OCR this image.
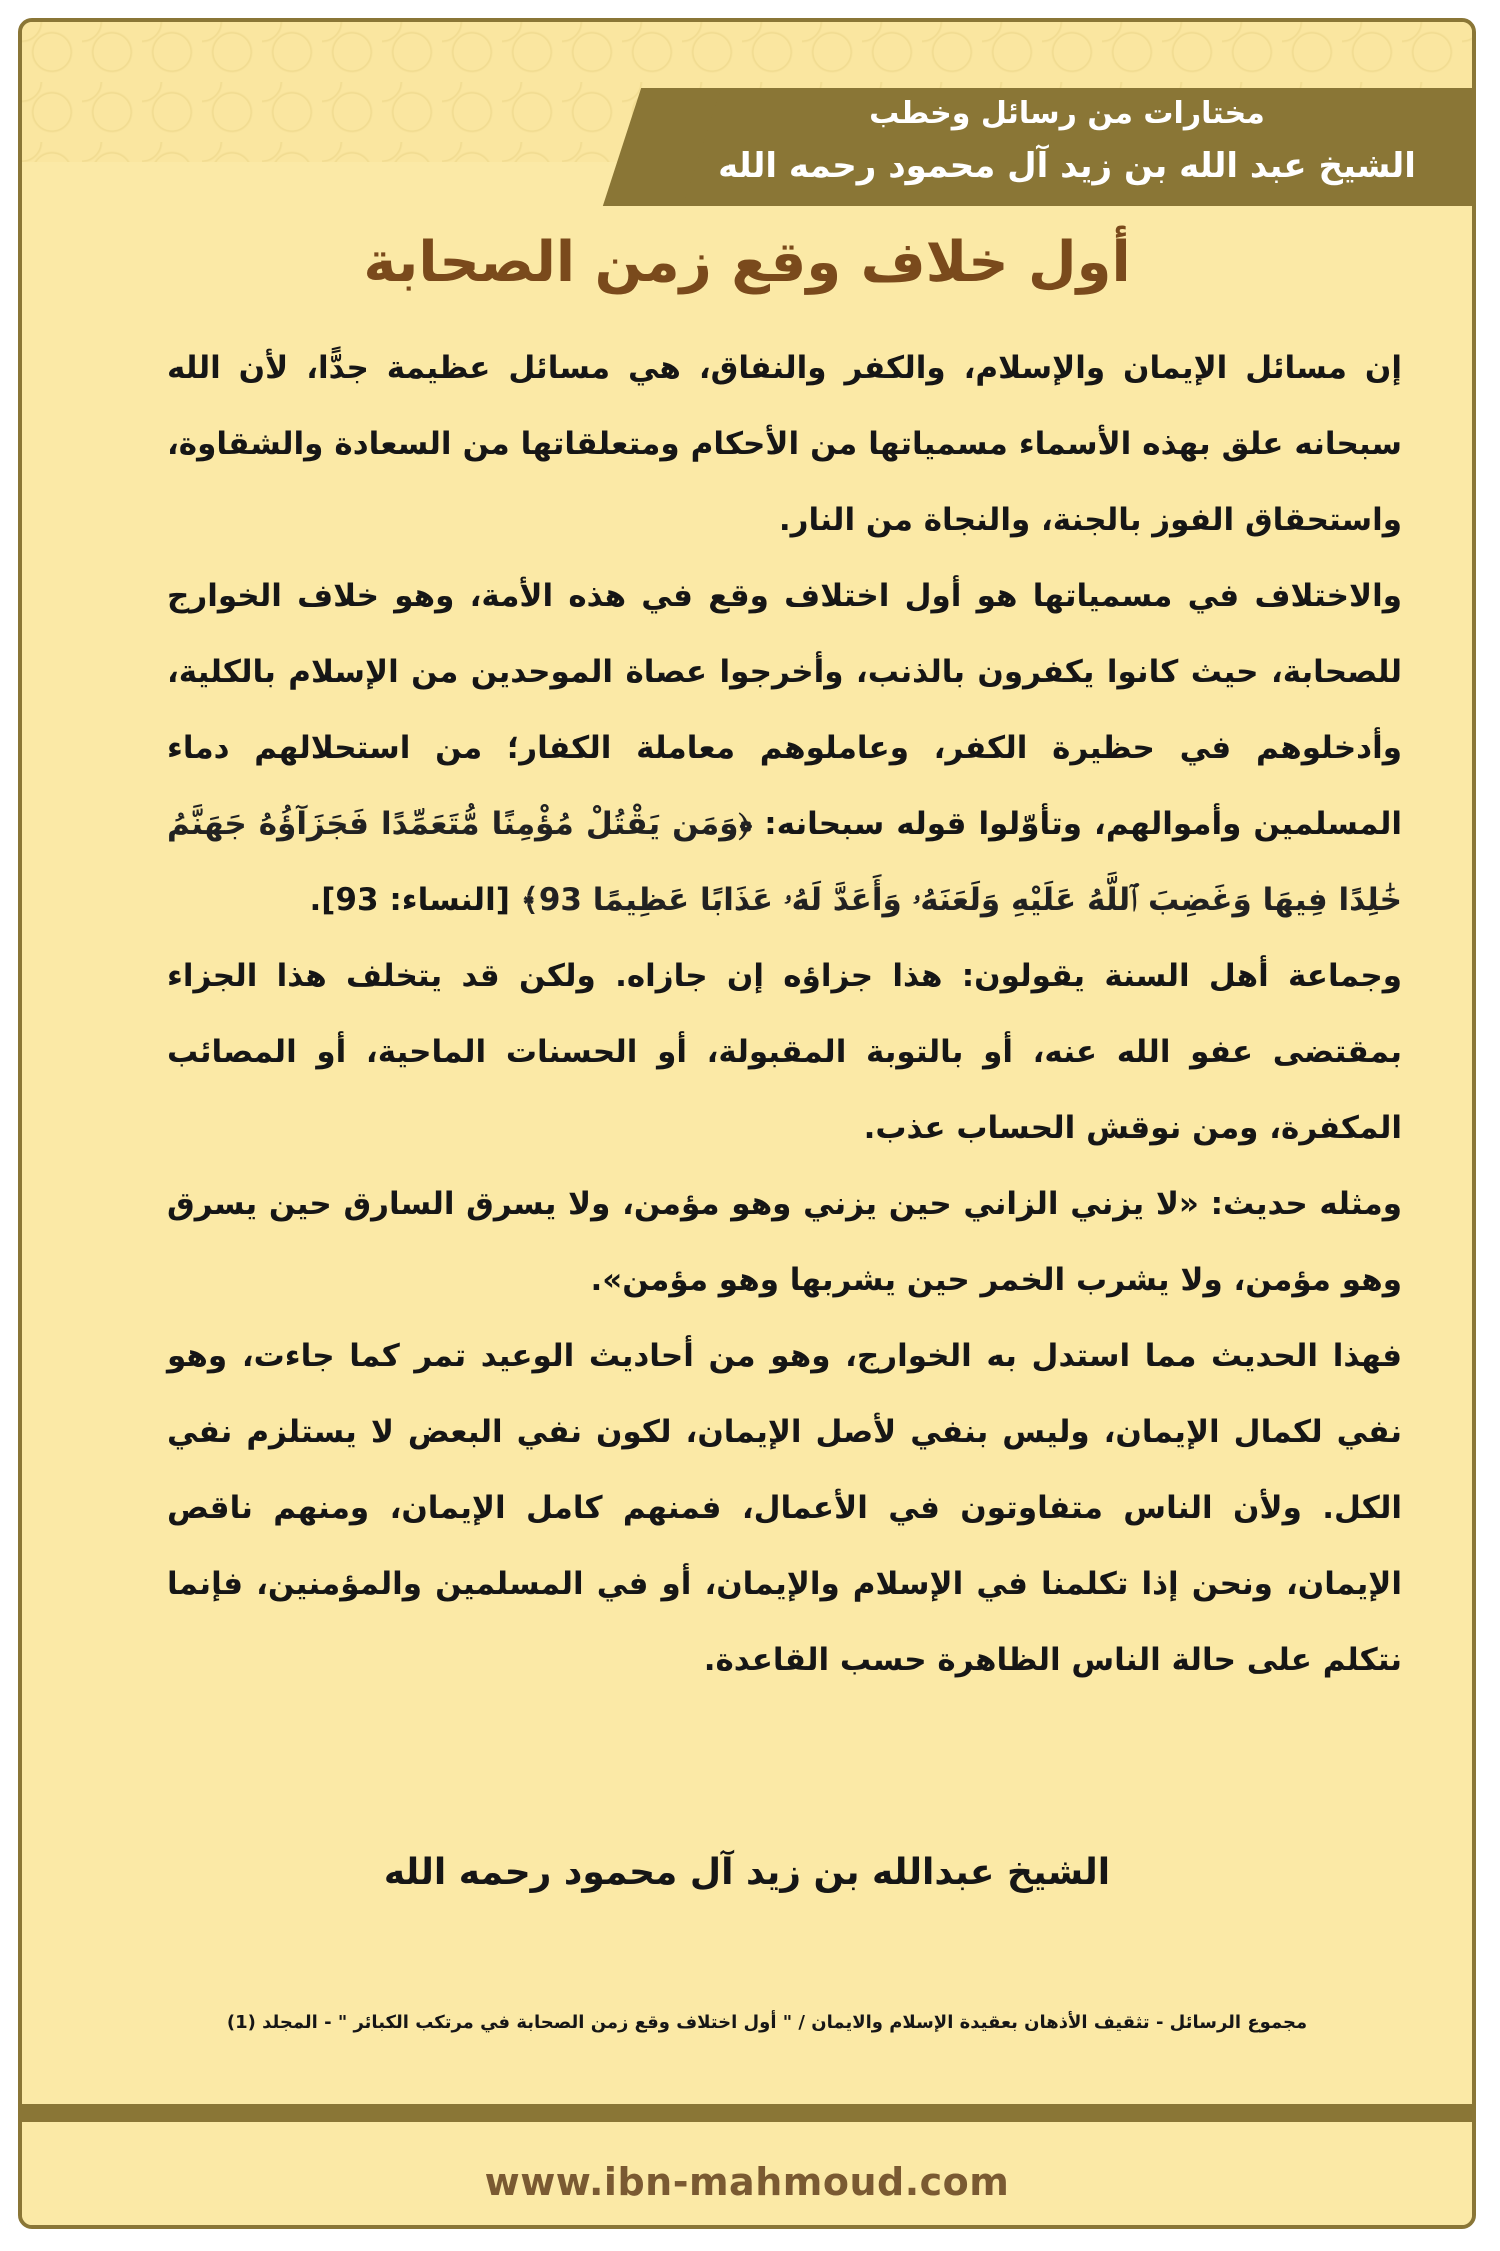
مختارات من رسائل وخطب
الشيخ عبد الله بن زيد آل محمود رحمه الله
أول خلاف وقع زمن الصحابة

إن مسائل الإيمان والإسلام، والكفر والنفاق، هي مسائل عظيمة جدًّا، لأن الله سبحانه علق بهذه الأسماء مسمياتها من الأحكام ومتعلقاتها من السعادة والشقاوة، واستحقاق الفوز بالجنة، والنجاة من النار.

والاختلاف في مسمياتها هو أول اختلاف وقع في هذه الأمة، وهو خلاف الخوارج للصحابة، حيث كانوا يكفرون بالذنب، وأخرجوا عصاة الموحدين من الإسلام بالكلية، وأدخلوهم في حظيرة الكفر، وعاملوهم معاملة الكفار؛ من استحلالهم دماء المسلمين وأموالهم، وتأوّلوا قوله سبحانه: ﴿وَمَن يَقْتُلْ مُؤْمِنًا مُّتَعَمِّدًا فَجَزَآؤُهُ جَهَنَّمُ خَٰلِدًا فِيهَا وَغَضِبَ ٱللَّهُ عَلَيْهِ وَلَعَنَهُۥ وَأَعَدَّ لَهُۥ عَذَابًا عَظِيمًا 93﴾ [النساء: 93].

وجماعة أهل السنة يقولون: هذا جزاؤه إن جازاه. ولكن قد يتخلف هذا الجزاء بمقتضى عفو الله عنه، أو بالتوبة المقبولة، أو الحسنات الماحية، أو المصائب المكفرة، ومن نوقش الحساب عذب.

ومثله حديث: «لا يزني الزاني حين يزني وهو مؤمن، ولا يسرق السارق حين يسرق وهو مؤمن، ولا يشرب الخمر حين يشربها وهو مؤمن».

فهذا الحديث مما استدل به الخوارج، وهو من أحاديث الوعيد تمر كما جاءت، وهو نفي لكمال الإيمان، وليس بنفي لأصل الإيمان، لكون نفي البعض لا يستلزم نفي الكل. ولأن الناس متفاوتون في الأعمال، فمنهم كامل الإيمان، ومنهم ناقص الإيمان، ونحن إذا تكلمنا في الإسلام والإيمان، أو في المسلمين والمؤمنين، فإنما نتكلم على حالة الناس الظاهرة حسب القاعدة.

الشيخ عبدالله بن زيد آل محمود رحمه الله
مجموع الرسائل - تثقيف الأذهان بعقيدة الإسلام والايمان / " أول اختلاف وقع زمن الصحابة في مرتكب الكبائر " - المجلد (1)
www.ibn-mahmoud.com
